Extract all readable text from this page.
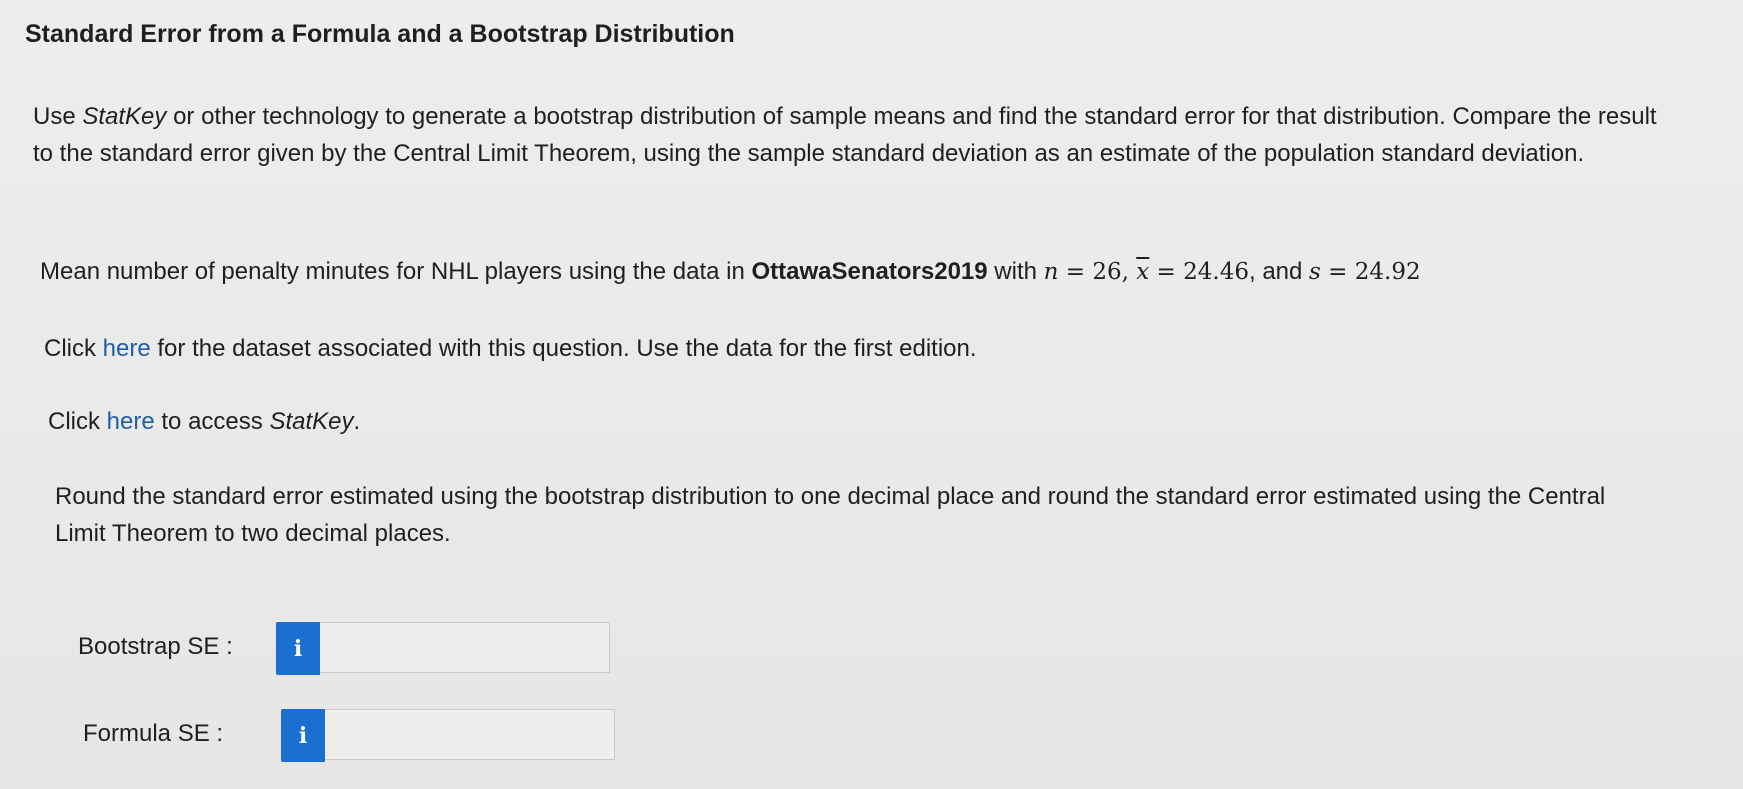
Standard Error from a Formula and a Bootstrap Distribution
Use StatKey or other technology to generate a bootstrap distribution of sample means and find the standard error for that distribution. Compare the result to the standard error given by the Central Limit Theorem, using the sample standard deviation as an estimate of the population standard deviation.
Mean number of penalty minutes for NHL players using the data in OttawaSenators2019 with n = 26, $\overline{x} = 24.46$, and s = 24.92
Click here for the dataset associated with this question. Use the data for the first edition.
Click here to access StatKey.
Round the standard error estimated using the bootstrap distribution to one decimal place and round the standard error estimated using the Central Limit Theorem to two decimal places.
Bootstrap SE :	i
Formula SE :	i
